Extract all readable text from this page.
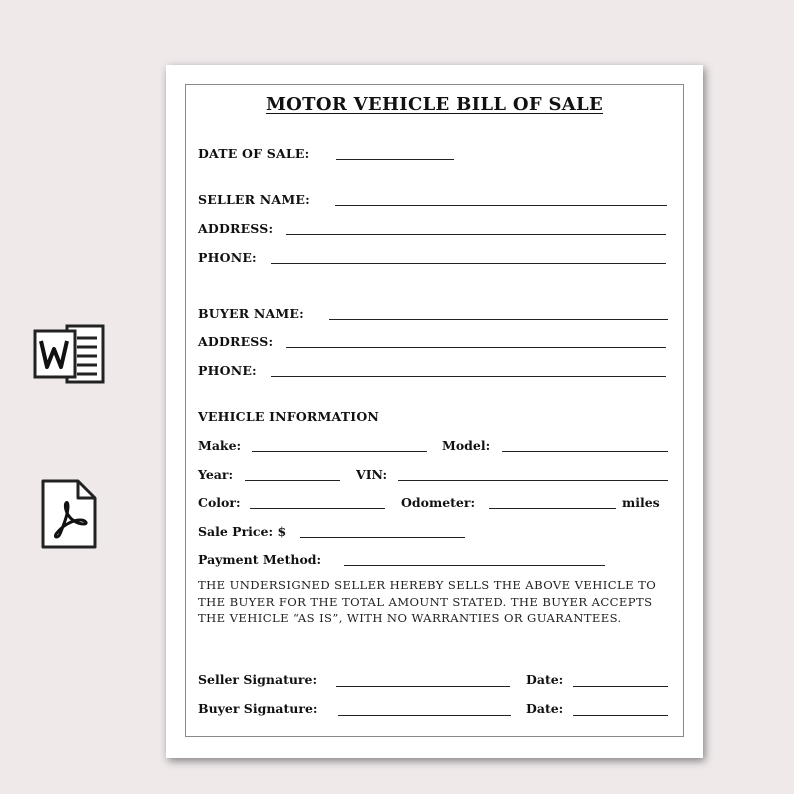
MOTOR VEHICLE BILL OF SALE
DATE OF SALE:
SELLER NAME:
ADDRESS:
PHONE:
BUYER NAME:
ADDRESS:
PHONE:
VEHICLE INFORMATION
Make:	Model:
Year:	VIN:
Color:	Odometer:	miles
Sale Price: $
Payment Method:
THE UNDERSIGNED SELLER HEREBY SELLS THE ABOVE VEHICLE TO THE BUYER FOR THE TOTAL AMOUNT STATED. THE BUYER ACCEPTS THE VEHICLE “AS IS”, WITH NO WARRANTIES OR GUARANTEES.
Seller Signature:	Date:
Buyer Signature:	Date:
